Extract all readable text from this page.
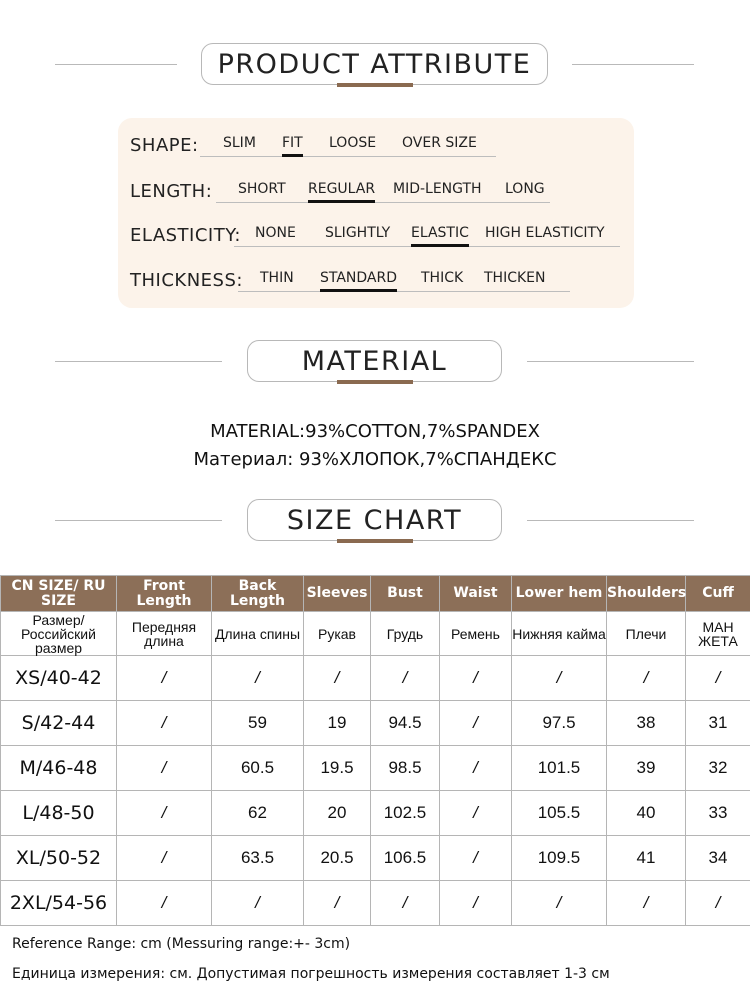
PRODUCT ATTRIBUTE
SHAPE: SLIM FIT LOOSE OVER SIZE
LENGTH: SHORT REGULAR MID-LENGTH LONG
ELASTICITY: NONE SLIGHTLY ELASTIC HIGH ELASTICITY
THICKNESS: THIN STANDARD THICK THICKEN
MATERIAL
MATERIAL:93%COTTON,7%SPANDEX
Материал: 93%ХЛОПОК,7%СПАНДЕКС
SIZE CHART
CN SIZE/ RU SIZE	Front Length	Back Length	Sleeves	Bust	Waist	Lower hem	Shoulders	Cuff
Размер/ Российский размер	Передняя длина	Длина спины	Рукав	Грудь	Ремень	Нижняя кайма	Плечи	МАН ЖЕТА
XS/40-42	/	/	/	/	/	/	/	/
S/42-44	/	59	19	94.5	/	97.5	38	31
M/46-48	/	60.5	19.5	98.5	/	101.5	39	32
L/48-50	/	62	20	102.5	/	105.5	40	33
XL/50-52	/	63.5	20.5	106.5	/	109.5	41	34
2XL/54-56	/	/	/	/	/	/	/	/
Reference Range: cm (Messuring range:+- 3cm)
Единица измерения: см. Допустимая погрешность измерения составляет 1-3 см
